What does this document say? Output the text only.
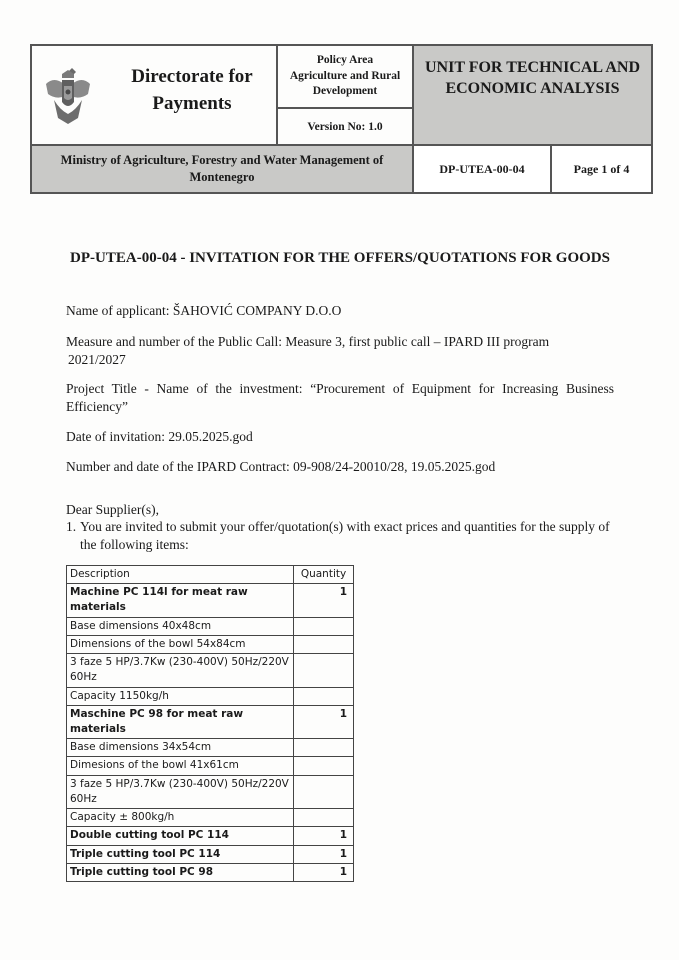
Directorate for Payments
Policy Area
Agriculture and Rural
Development
Version No: 1.0
UNIT FOR TECHNICAL AND ECONOMIC ANALYSIS
Ministry of Agriculture, Forestry and Water Management of Montenegro
DP-UTEA-00-04	Page 1 of 4
DP-UTEA-00-04 - INVITATION FOR THE OFFERS/QUOTATIONS FOR GOODS

Name of applicant: ŠAHOVIĆ COMPANY D.O.O

Measure and number of the Public Call: Measure 3, first public call – IPARD III program

2021/2027

Project Title - Name of the investment: “Procurement of Equipment for Increasing Business Efficiency”

Date of invitation: 29.05.2025.god

Number and date of the IPARD Contract: 09-908/24-20010/28, 19.05.2025.god

Dear Supplier(s),

1. You are invited to submit your offer/quotation(s) with exact prices and quantities for the supply of the following items:
Description	Quantity
Machine PC 114l for meat raw materials	1
Base dimensions 40x48cm	
Dimensions of the bowl 54x84cm	
3 faze 5 HP/3.7Kw (230-400V) 50Hz/220V 60Hz	
Capacity 1150kg/h	
Maschine PC 98 for meat raw materials	1
Base dimensions 34x54cm	
Dimesions of the bowl 41x61cm	
3 faze 5 HP/3.7Kw (230-400V) 50Hz/220V 60Hz	
Capacity ± 800kg/h	
Double cutting tool PC 114	1
Triple cutting tool PC 114	1
Triple cutting tool PC 98	1
